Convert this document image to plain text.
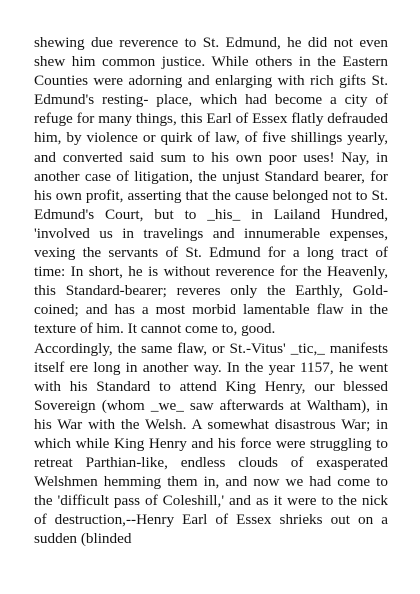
shewing due reverence to St. Edmund, he did not even shew him common justice. While others in the Eastern Counties were adorning and enlarging with rich gifts St. Edmund's resting- place, which had become a city of refuge for many things, this Earl of Essex flatly defrauded him, by violence or quirk of law, of five shillings yearly, and converted said sum to his own poor uses! Nay, in another case of litigation, the unjust Standard bearer, for his own profit, asserting that the cause belonged not to St. Edmund's Court, but to _his_ in Lailand Hundred, 'involved us in travelings and innumerable expenses, vexing the servants of St. Edmund for a long tract of time: In short, he is without reverence for the Heavenly, this Standard-bearer; reveres only the Earthly, Gold-coined; and has a most morbid lamentable flaw in the texture of him. It cannot come to, good.

Accordingly, the same flaw, or St.-Vitus' _tic,_ manifests itself ere long in another way. In the year 1157, he went with his Standard to attend King Henry, our blessed Sovereign (whom _we_ saw afterwards at Waltham), in his War with the Welsh. A somewhat disastrous War; in which while King Henry and his force were struggling to retreat Parthian-like, endless clouds of exasperated Welshmen hemming them in, and now we had come to the 'difficult pass of Coleshill,' and as it were to the nick of destruction,--Henry Earl of Essex shrieks out on a sudden (blinded
